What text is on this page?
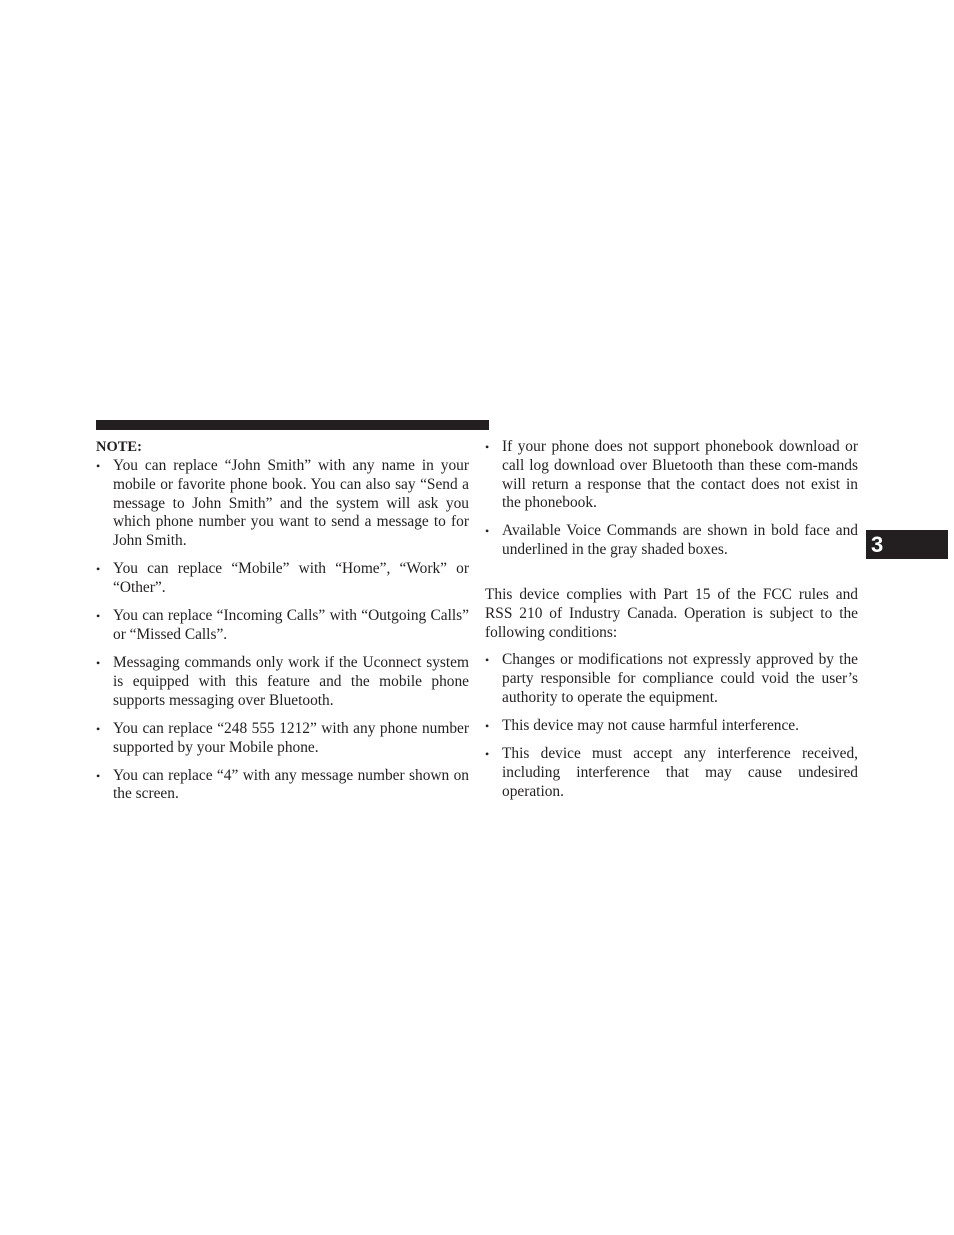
NOTE:

• You can replace “John Smith” with any name in your mobile or favorite phone book. You can also say “Send a message to John Smith” and the system will ask you which phone number you want to send a message to for John Smith.
• You can replace “Mobile” with “Home”, “Work” or “Other”.
• You can replace “Incoming Calls” with “Outgoing Calls” or “Missed Calls”.
• Messaging commands only work if the Uconnect system is equipped with this feature and the mobile phone supports messaging over Bluetooth.
• You can replace “248 555 1212” with any phone number supported by your Mobile phone.
• You can replace “4” with any message number shown on the screen.
• If your phone does not support phonebook download or call log download over Bluetooth than these com-mands will return a response that the contact does not exist in the phonebook.
• Available Voice Commands are shown in bold face and underlined in the gray shaded boxes.

This device complies with Part 15 of the FCC rules and RSS 210 of Industry Canada. Operation is subject to the following conditions:

• Changes or modifications not expressly approved by the party responsible for compliance could void the user’s authority to operate the equipment.
• This device may not cause harmful interference.
• This device must accept any interference received, including interference that may cause undesired operation.
3
